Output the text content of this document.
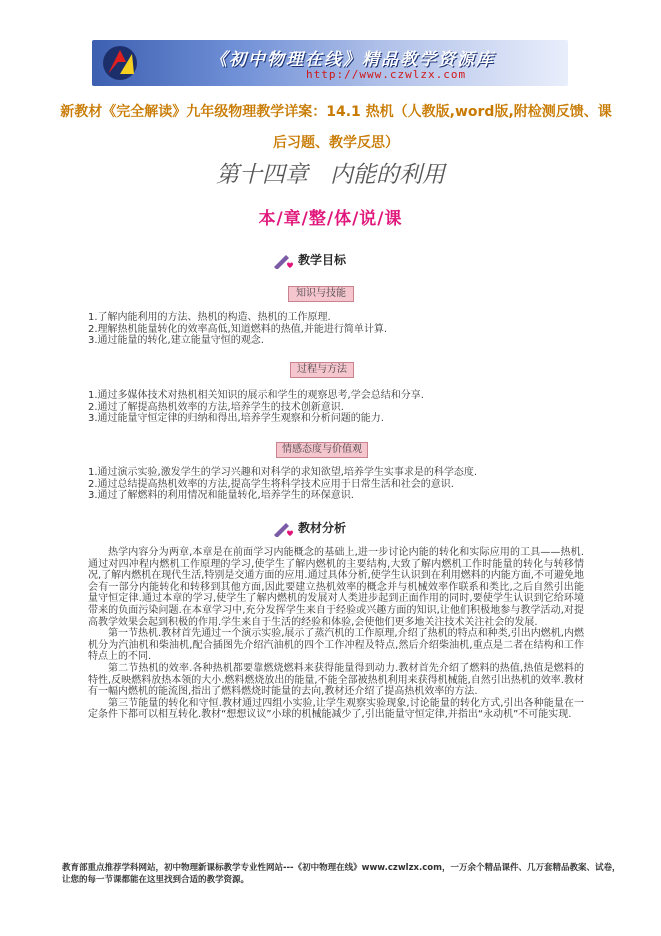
《初中物理在线》精品教学资源库
http://www.czwlzx.com
新教材《完全解读》九年级物理教学详案：14.1 热机（人教版,word版,附检测反馈、课后习题、教学反思）
第十四章 内能的利用
本/章/整/体/说/课
教学目标
知识与技能
1.了解内能利用的方法、热机的构造、热机的工作原理.
2.理解热机能量转化的效率高低,知道燃料的热值,并能进行简单计算.
3.通过能量的转化,建立能量守恒的观念.
过程与方法
1.通过多媒体技术对热机相关知识的展示和学生的观察思考,学会总结和分享.
2.通过了解提高热机效率的方法,培养学生的技术创新意识.
3.通过能量守恒定律的归纳和得出,培养学生观察和分析问题的能力.
情感态度与价值观
1.通过演示实验,激发学生的学习兴趣和对科学的求知欲望,培养学生实事求是的科学态度.
2.通过总结提高热机效率的方法,提高学生将科学技术应用于日常生活和社会的意识.
3.通过了解燃料的利用情况和能量转化,培养学生的环保意识.
教材分析

热学内容分为两章,本章是在前面学习内能概念的基础上,进一步讨论内能的转化和实际应用的工具——热机.通过对四冲程内燃机工作原理的学习,使学生了解内燃机的主要结构,大致了解内燃机工作时能量的转化与转移情况,了解内燃机在现代生活,特别是交通方面的应用.通过具体分析,使学生认识到在利用燃料的内能方面,不可避免地会有一部分内能转化和转移到其他方面,因此要建立热机效率的概念并与机械效率作联系和类比,之后自然引出能量守恒定律.通过本章的学习,使学生了解内燃机的发展对人类进步起到正面作用的同时,要使学生认识到它给环境带来的负面污染问题.在本章学习中,充分发挥学生来自于经验或兴趣方面的知识,让他们积极地参与教学活动,对提高教学效果会起到积极的作用.学生来自于生活的经验和体验,会使他们更多地关注技术关注社会的发展.

第一节热机.教材首先通过一个演示实验,展示了蒸汽机的工作原理,介绍了热机的特点和种类,引出内燃机,内燃机分为汽油机和柴油机,配合插图先介绍汽油机的四个工作冲程及特点,然后介绍柴油机,重点是二者在结构和工作特点上的不同.

第二节热机的效率.各种热机都要靠燃烧燃料来获得能量得到动力.教材首先介绍了燃料的热值,热值是燃料的特性,反映燃料放热本领的大小.燃料燃烧放出的能量,不能全部被热机利用来获得机械能,自然引出热机的效率.教材有一幅内燃机的能流图,指出了燃料燃烧时能量的去向,教材还介绍了提高热机效率的方法.

第三节能量的转化和守恒.教材通过四组小实验,让学生观察实验现象,讨论能量的转化方式,引出各种能量在一定条件下都可以相互转化.教材“想想议议”小球的机械能减少了,引出能量守恒定律,并指出“永动机”不可能实现.

教育部重点推荐学科网站，初中物理新课标教学专业性网站---《初中物理在线》www.czwlzx.com，一万余个精品课件、几万套精品教案、试卷，让您的每一节课都能在这里找到合适的教学资源。
